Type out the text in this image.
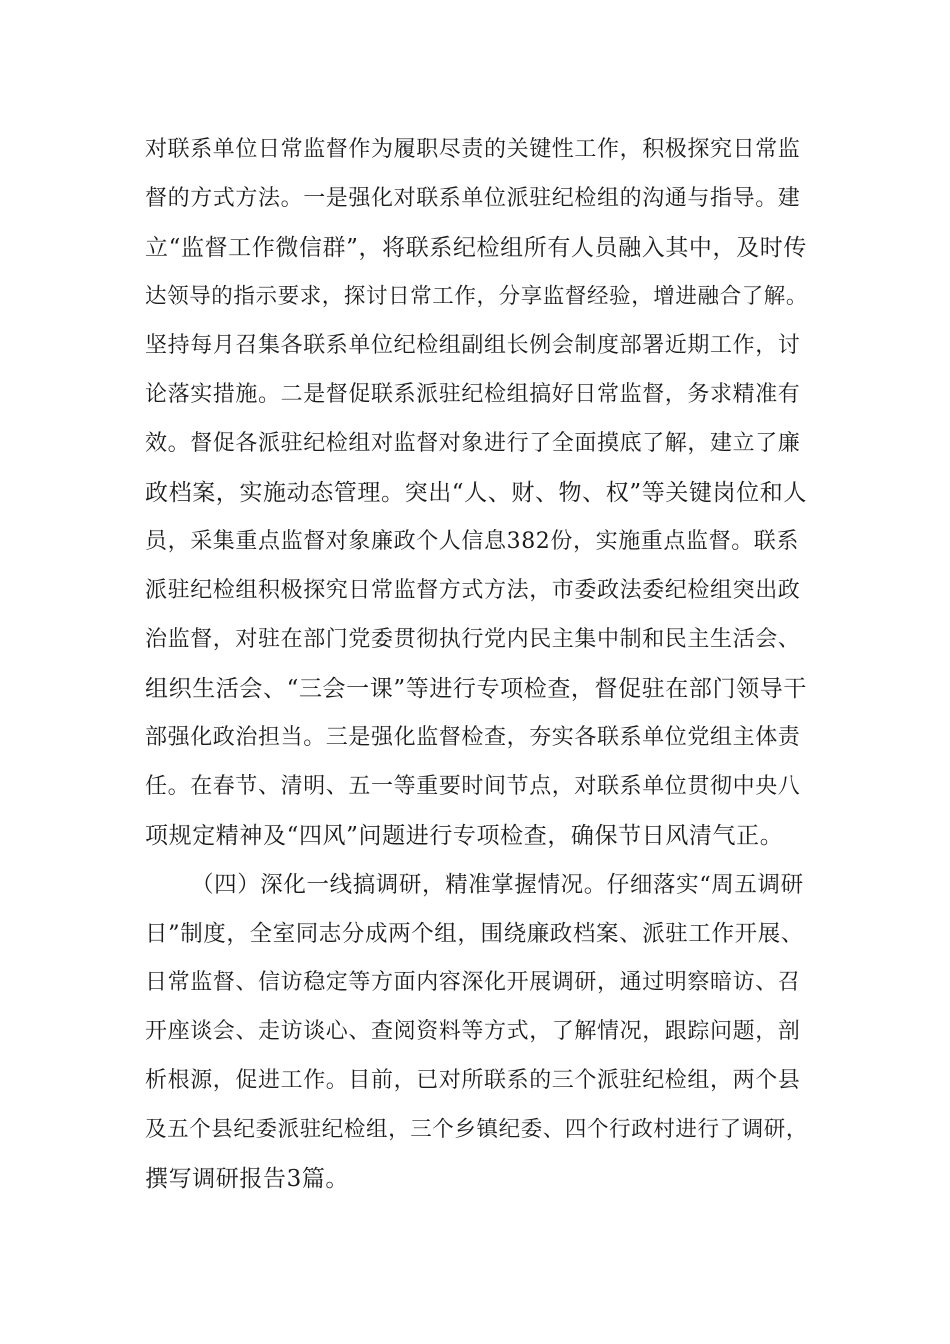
对联系单位日常监督作为履职尽责的关键性工作，积极探究日常监
督的方式方法。一是强化对联系单位派驻纪检组的沟通与指导。建
立“监督工作微信群”，将联系纪检组所有人员融入其中，及时传
达领导的指示要求，探讨日常工作，分享监督经验，增进融合了解。
坚持每月召集各联系单位纪检组副组长例会制度部署近期工作，讨
论落实措施。二是督促联系派驻纪检组搞好日常监督，务求精准有
效。督促各派驻纪检组对监督对象进行了全面摸底了解，建立了廉
政档案，实施动态管理。突出“人、财、物、权”等关键岗位和人
员，采集重点监督对象廉政个人信息382份，实施重点监督。联系
派驻纪检组积极探究日常监督方式方法，市委政法委纪检组突出政
治监督，对驻在部门党委贯彻执行党内民主集中制和民主生活会、
组织生活会、“三会一课”等进行专项检查，督促驻在部门领导干
部强化政治担当。三是强化监督检查，夯实各联系单位党组主体责
任。在春节、清明、五一等重要时间节点，对联系单位贯彻中央八
项规定精神及“四风”问题进行专项检查，确保节日风清气正。
（四）深化一线搞调研，精准掌握情况。仔细落实“周五调研
日”制度，全室同志分成两个组，围绕廉政档案、派驻工作开展、
日常监督、信访稳定等方面内容深化开展调研，通过明察暗访、召
开座谈会、走访谈心、查阅资料等方式，了解情况，跟踪问题，剖
析根源，促进工作。目前，已对所联系的三个派驻纪检组，两个县
及五个县纪委派驻纪检组，三个乡镇纪委、四个行政村进行了调研，
撰写调研报告3篇。
